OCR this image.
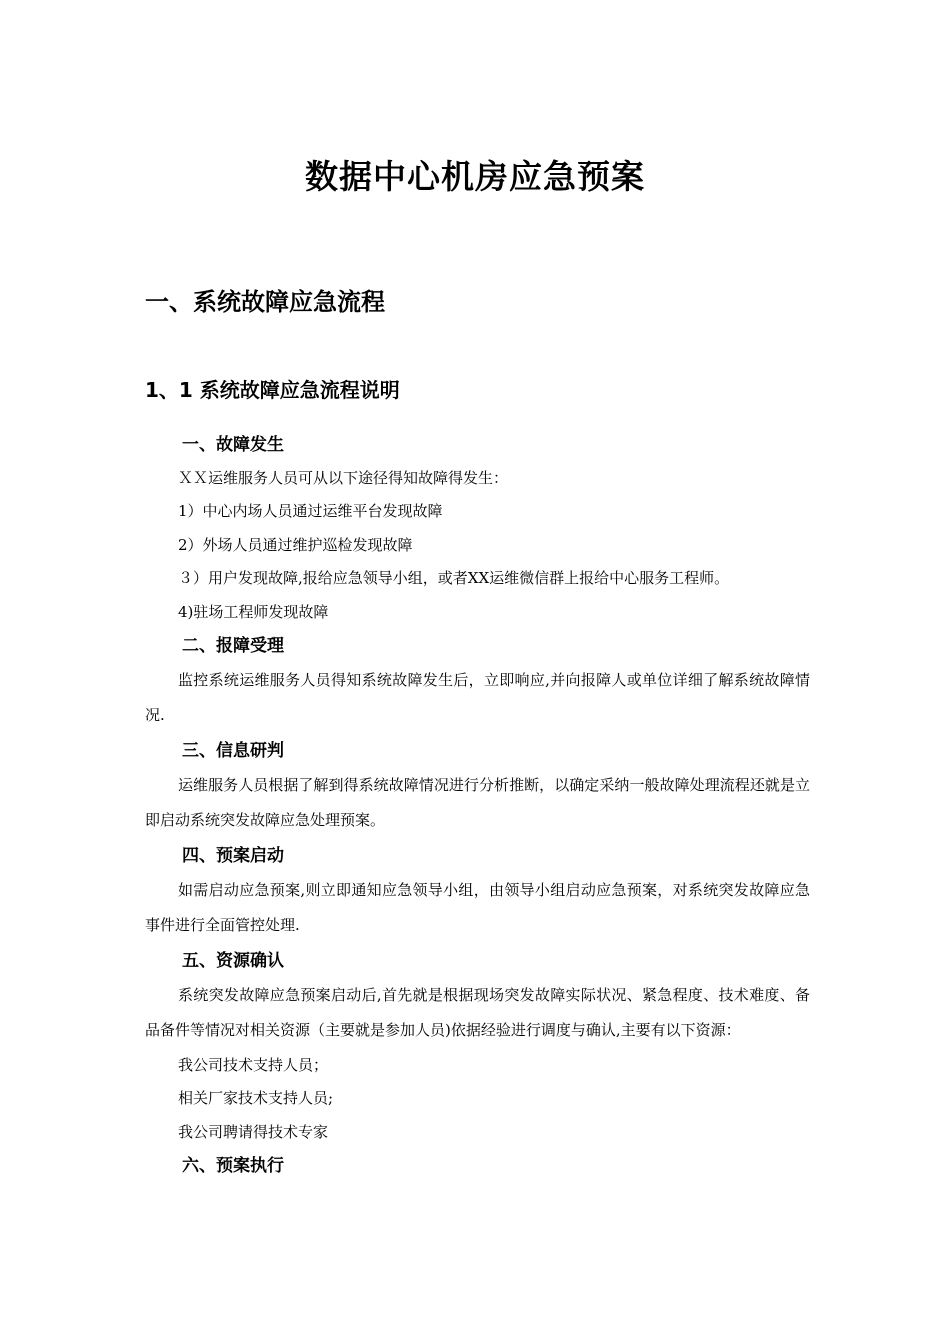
数据中心机房应急预案
一、系统故障应急流程
1、1 系统故障应急流程说明
一、故障发生
ＸＸ运维服务人员可从以下途径得知故障得发生：
1）中心内场人员通过运维平台发现故障
2）外场人员通过维护巡检发现故障
３）用户发现故障,报给应急领导小组，或者XX运维微信群上报给中心服务工程师。
4)驻场工程师发现故障
二、报障受理
监控系统运维服务人员得知系统故障发生后，立即响应,并向报障人或单位详细了解系统故障情况.
三、信息研判
运维服务人员根据了解到得系统故障情况进行分析推断，以确定采纳一般故障处理流程还就是立即启动系统突发故障应急处理预案。
四、预案启动
如需启动应急预案,则立即通知应急领导小组，由领导小组启动应急预案，对系统突发故障应急事件进行全面管控处理.
五、资源确认
系统突发故障应急预案启动后,首先就是根据现场突发故障实际状况、紧急程度、技术难度、备品备件等情况对相关资源（主要就是参加人员)依据经验进行调度与确认,主要有以下资源：
我公司技术支持人员；
相关厂家技术支持人员;
我公司聘请得技术专家
六、预案执行
